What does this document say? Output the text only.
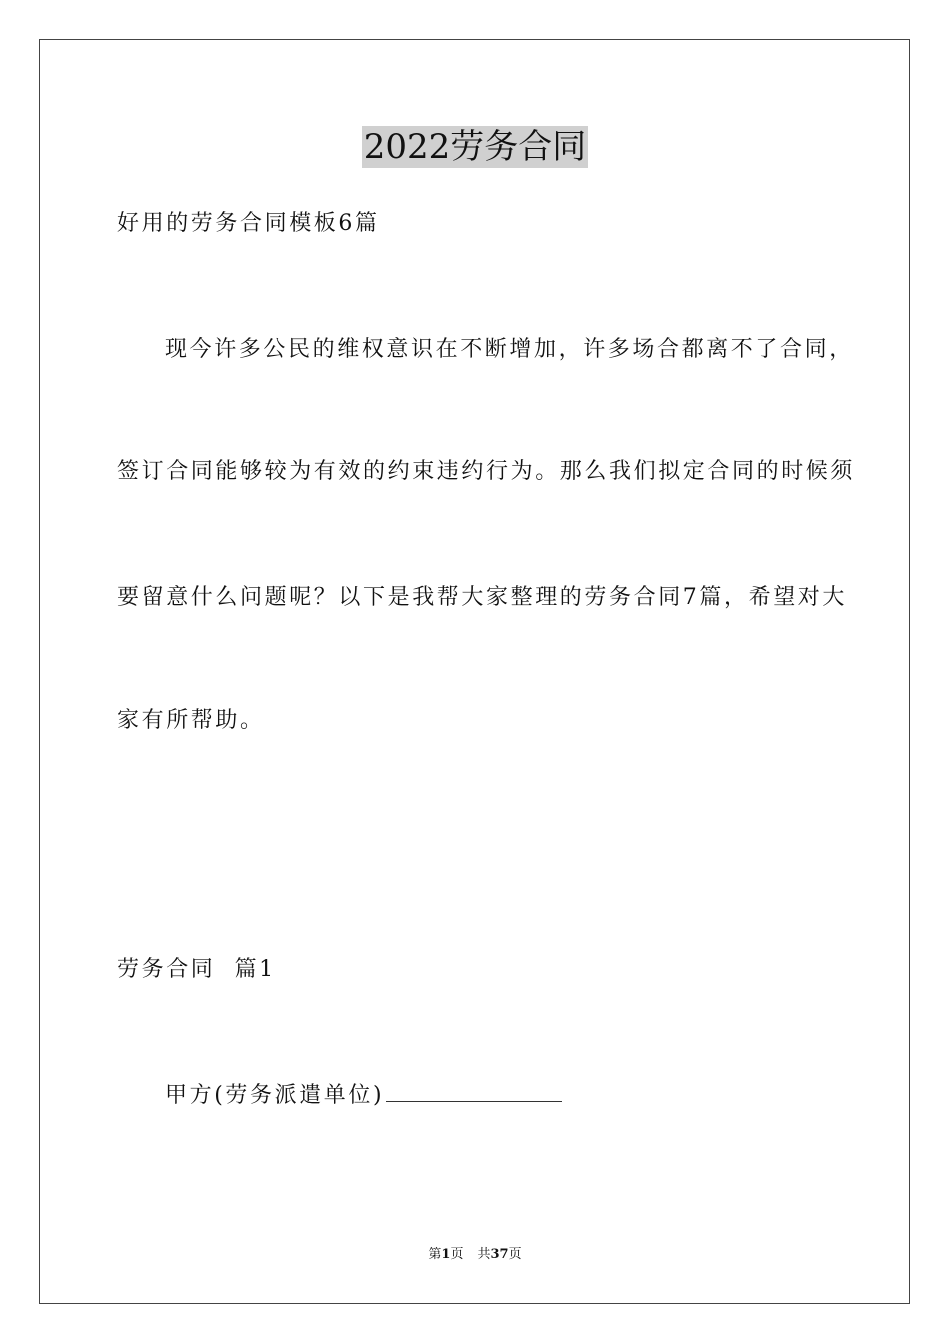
2022劳务合同
好用的劳务合同模板6篇
现今许多公民的维权意识在不断增加，许多场合都离不了合同，
签订合同能够较为有效的约束违约行为。那么我们拟定合同的时候须
要留意什么问题呢？以下是我帮大家整理的劳务合同7篇，希望对大
家有所帮助。
劳务合同  篇1
甲方(劳务派遣单位)
第1页 共37页
